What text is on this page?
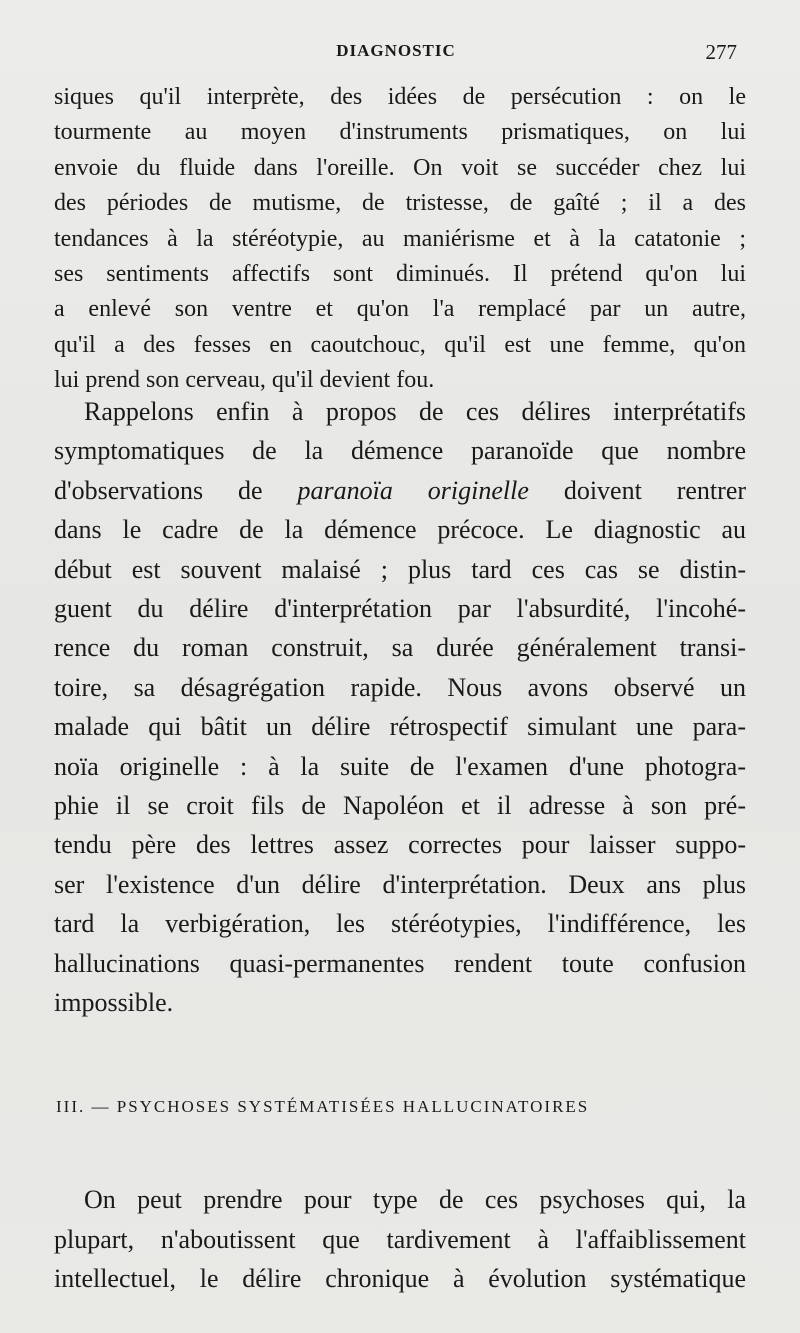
DIAGNOSTIC	277
siques qu'il interprète, des idées de persécution : on le
tourmente au moyen d'instruments prismatiques, on lui
envoie du fluide dans l'oreille. On voit se succéder chez lui
des périodes de mutisme, de tristesse, de gaîté ; il a des
tendances à la stéréotypie, au maniérisme et à la catatonie ;
ses sentiments affectifs sont diminués. Il prétend qu'on lui
a enlevé son ventre et qu'on l'a remplacé par un autre,
qu'il a des fesses en caoutchouc, qu'il est une femme, qu'on
lui prend son cerveau, qu'il devient fou.
Rappelons enfin à propos de ces délires interprétatifs
symptomatiques de la démence paranoïde que nombre
d'observations de paranoïa originelle doivent rentrer
dans le cadre de la démence précoce. Le diagnostic au
début est souvent malaisé ; plus tard ces cas se distin-
guent du délire d'interprétation par l'absurdité, l'incohé-
rence du roman construit, sa durée généralement transi-
toire, sa désagrégation rapide. Nous avons observé un
malade qui bâtit un délire rétrospectif simulant une para-
noïa originelle : à la suite de l'examen d'une photogra-
phie il se croit fils de Napoléon et il adresse à son pré-
tendu père des lettres assez correctes pour laisser suppo-
ser l'existence d'un délire d'interprétation. Deux ans plus
tard la verbigération, les stéréotypies, l'indifférence, les
hallucinations quasi-permanentes rendent toute confusion
impossible.
III. — PSYCHOSES SYSTÉMATISÉES HALLUCINATOIRES
On peut prendre pour type de ces psychoses qui, la
plupart, n'aboutissent que tardivement à l'affaiblissement
intellectuel, le délire chronique à évolution systématique
